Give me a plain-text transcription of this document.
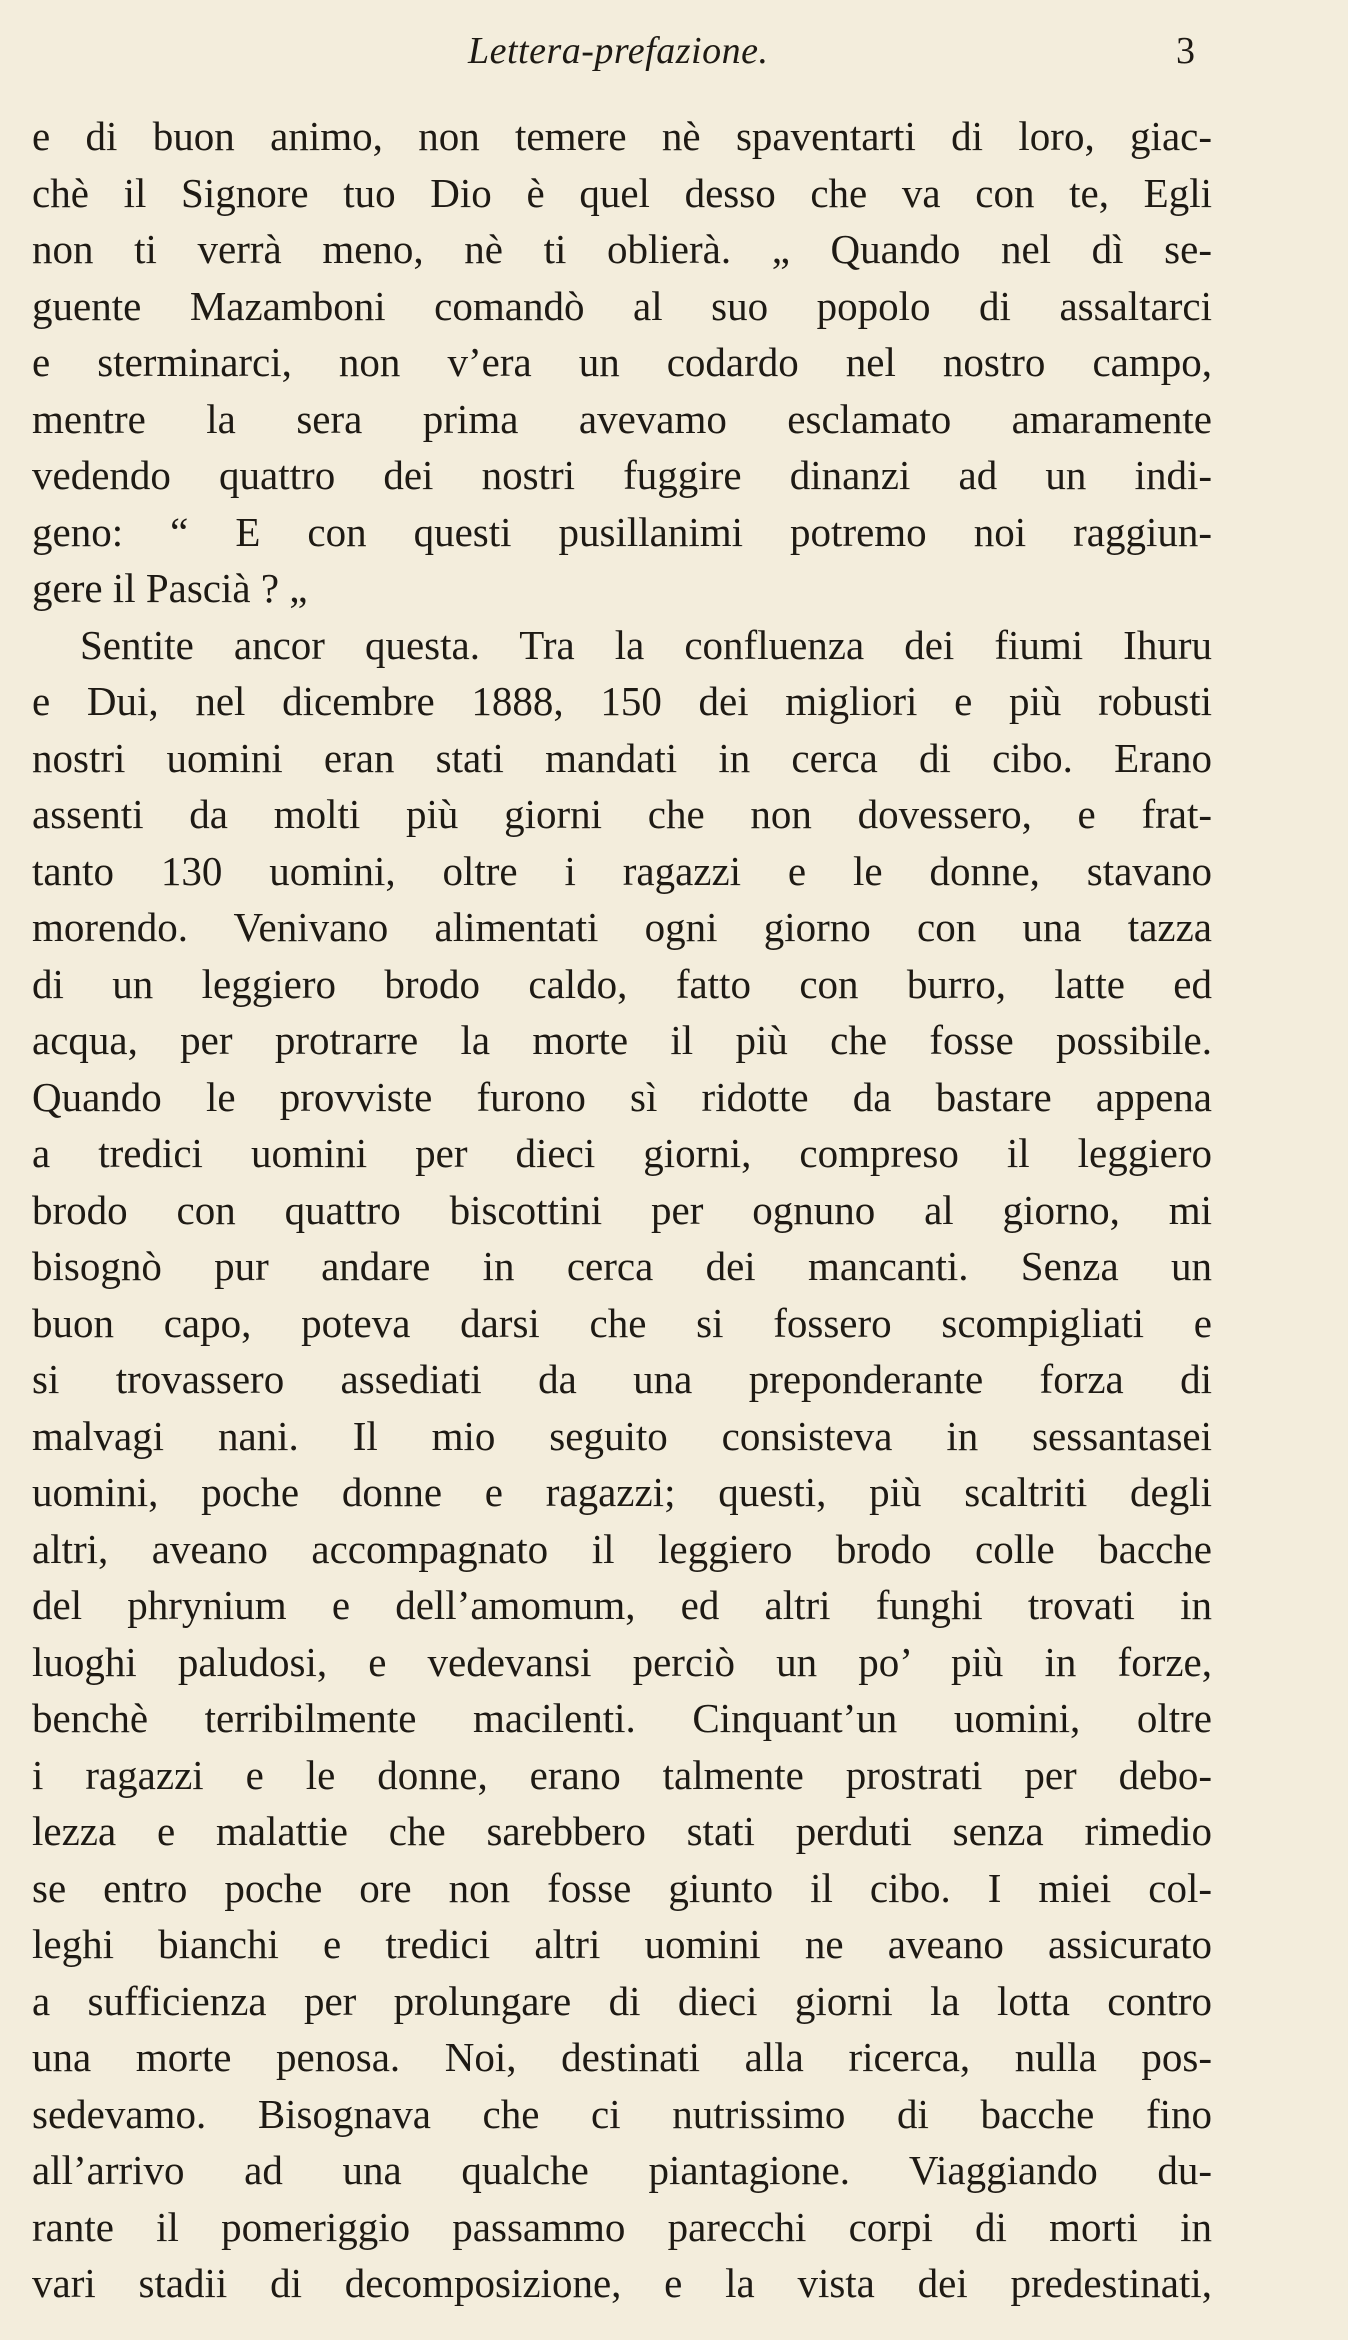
Lettera-prefazione.	3
e di buon animo, non temere nè spaventarti di loro, giac-
chè il Signore tuo Dio è quel desso che va con te, Egli
non ti verrà meno, nè ti oblierà. „ Quando nel dì se-
guente Mazamboni comandò al suo popolo di assaltarci
e sterminarci, non v’era un codardo nel nostro campo,
mentre la sera prima avevamo esclamato amaramente
vedendo quattro dei nostri fuggire dinanzi ad un indi-
geno: “ E con questi pusillanimi potremo noi raggiun-
gere il Pascià ? „
Sentite ancor questa. Tra la confluenza dei fiumi Ihuru
e Dui, nel dicembre 1888, 150 dei migliori e più robusti
nostri uomini eran stati mandati in cerca di cibo. Erano
assenti da molti più giorni che non dovessero, e frat-
tanto 130 uomini, oltre i ragazzi e le donne, stavano
morendo. Venivano alimentati ogni giorno con una tazza
di un leggiero brodo caldo, fatto con burro, latte ed
acqua, per protrarre la morte il più che fosse possibile.
Quando le provviste furono sì ridotte da bastare appena
a tredici uomini per dieci giorni, compreso il leggiero
brodo con quattro biscottini per ognuno al giorno, mi
bisognò pur andare in cerca dei mancanti. Senza un
buon capo, poteva darsi che si fossero scompigliati e
si trovassero assediati da una preponderante forza di
malvagi nani. Il mio seguito consisteva in sessantasei
uomini, poche donne e ragazzi; questi, più scaltriti degli
altri, aveano accompagnato il leggiero brodo colle bacche
del phrynium e dell’amomum, ed altri funghi trovati in
luoghi paludosi, e vedevansi perciò un po’ più in forze,
benchè terribilmente macilenti. Cinquant’un uomini, oltre
i ragazzi e le donne, erano talmente prostrati per debo-
lezza e malattie che sarebbero stati perduti senza rimedio
se entro poche ore non fosse giunto il cibo. I miei col-
leghi bianchi e tredici altri uomini ne aveano assicurato
a sufficienza per prolungare di dieci giorni la lotta contro
una morte penosa. Noi, destinati alla ricerca, nulla pos-
sedevamo. Bisognava che ci nutrissimo di bacche fino
all’arrivo ad una qualche piantagione. Viaggiando du-
rante il pomeriggio passammo parecchi corpi di morti in
vari stadii di decomposizione, e la vista dei predestinati,
